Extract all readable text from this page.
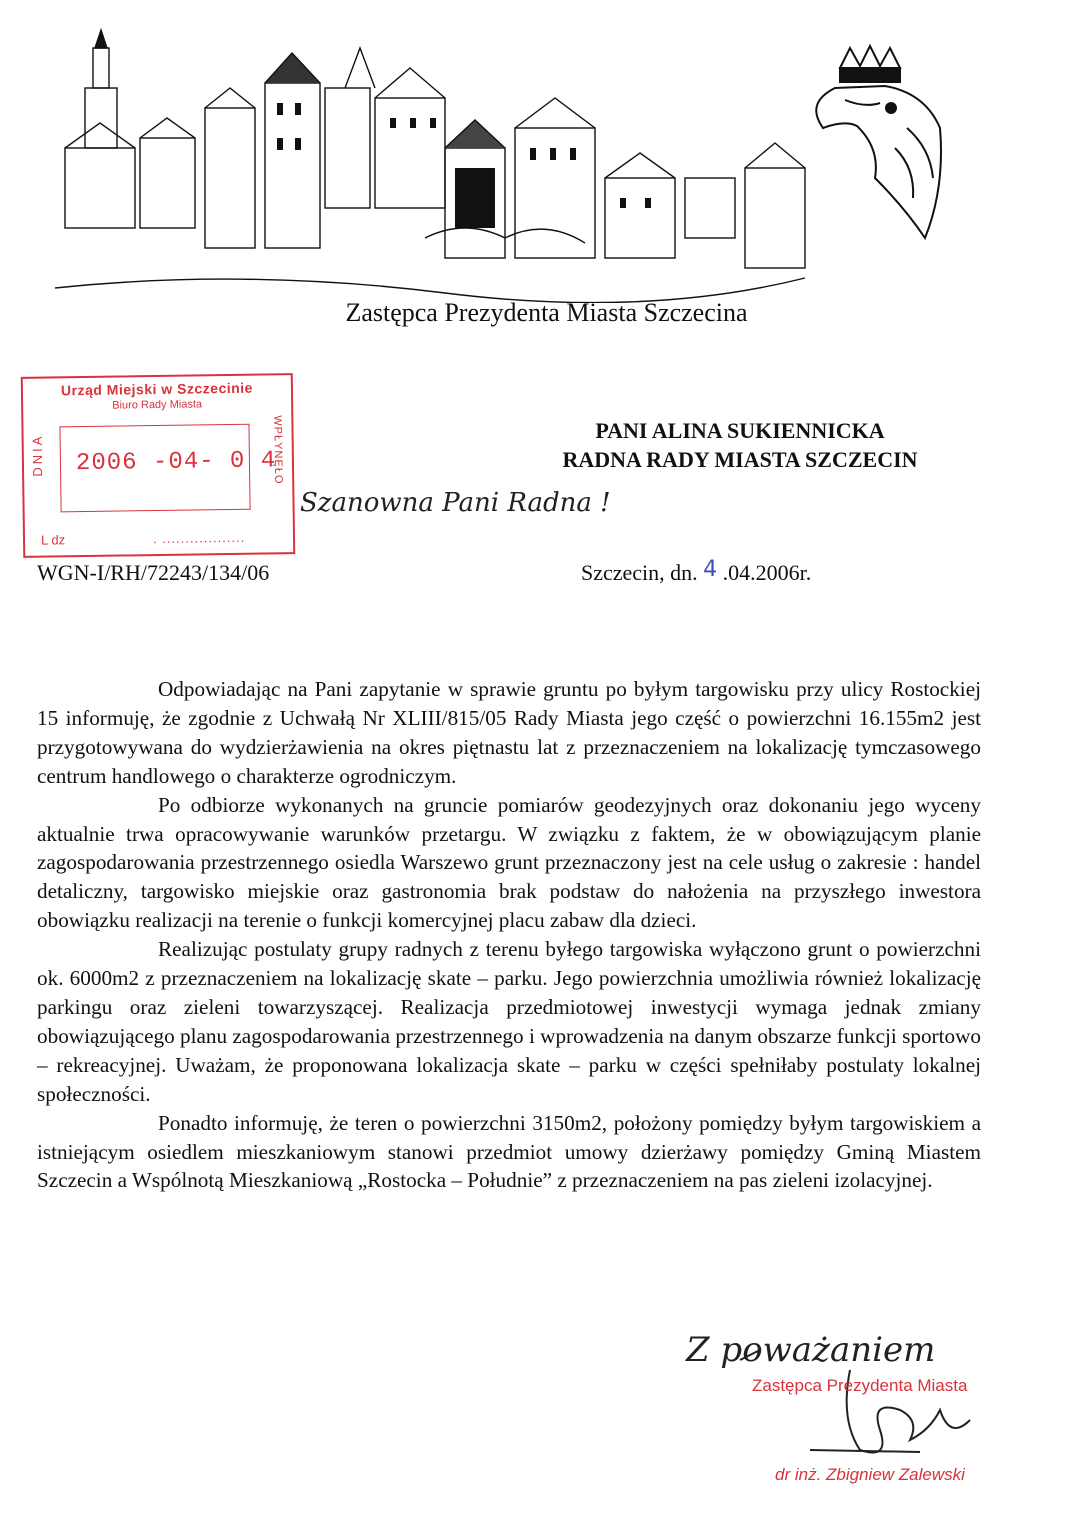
Zastępca Prezydenta Miasta Szczecina
Urząd Miejski w Szczecinie
Biuro Rady Miasta
2006 -04- 0 4
DNIA	WPŁYNĘŁO
L dz	. ..................
PANI ALINA SUKIENNICKA
RADNA RADY MIASTA SZCZECIN
Szanowna Pani Radna !
WGN-I/RH/72243/134/06	Szczecin, dn. 4 .04.2006r.

Odpowiadając na Pani zapytanie w sprawie gruntu po byłym targowisku przy ulicy Rostockiej 15 informuję, że zgodnie z Uchwałą Nr XLIII/815/05 Rady Miasta jego część o powierzchni 16.155m2 jest przygotowywana do wydzierżawienia na okres piętnastu lat z przeznaczeniem na lokalizację tymczasowego centrum handlowego o charakterze ogrodniczym.

Po odbiorze wykonanych na gruncie pomiarów geodezyjnych oraz dokonaniu jego wyceny aktualnie trwa opracowywanie warunków przetargu. W związku z faktem, że w obowiązującym planie zagospodarowania przestrzennego osiedla Warszewo grunt przeznaczony jest na cele usług o zakresie : handel detaliczny, targowisko miejskie oraz gastronomia brak podstaw do nałożenia na przyszłego inwestora obowiązku realizacji na terenie o funkcji komercyjnej placu zabaw dla dzieci.

Realizując postulaty grupy radnych z terenu byłego targowiska wyłączono grunt o powierzchni ok. 6000m2 z przeznaczeniem na lokalizację skate – parku. Jego powierzchnia umożliwia również lokalizację parkingu oraz zieleni towarzyszącej. Realizacja przedmiotowej inwestycji wymaga jednak zmiany obowiązującego planu zagospodarowania przestrzennego i wprowadzenia na danym obszarze funkcji sportowo – rekreacyjnej. Uważam, że proponowana lokalizacja skate – parku w części spełniłaby postulaty lokalnej społeczności.

Ponadto informuję, że teren o powierzchni 3150m2, położony pomiędzy byłym targowiskiem a istniejącym osiedlem mieszkaniowym stanowi przedmiot umowy dzierżawy pomiędzy Gminą Miastem Szczecin a Wspólnotą Mieszkaniową „Rostocka – Południe” z przeznaczeniem na pas zieleni izolacyjnej.

Z poważaniem
Zastępca Prezydenta Miasta
dr inż. Zbigniew Zalewski
